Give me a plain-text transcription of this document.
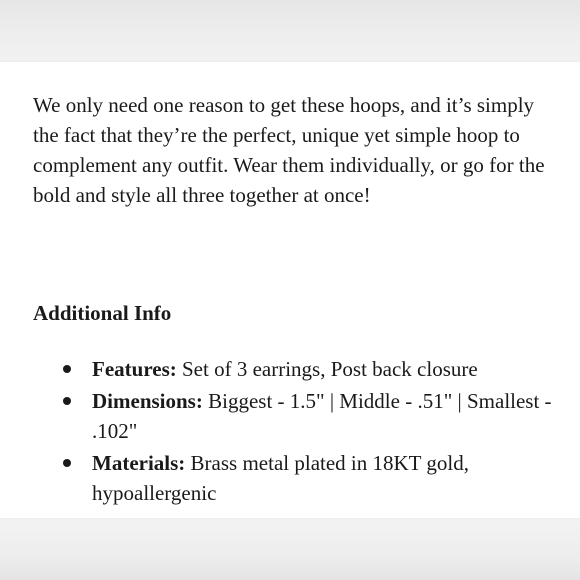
We only need one reason to get these hoops, and it’s simply the fact that they’re the perfect, unique yet simple hoop to complement any outfit. Wear them individually, or go for the bold and style all three together at once!

Additional Info
Features: Set of 3 earrings, Post back closure
Dimensions: Biggest - 1.5" | Middle - .51" | Smallest - .102"
Materials: Brass metal plated in 18KT gold, hypoallergenic
